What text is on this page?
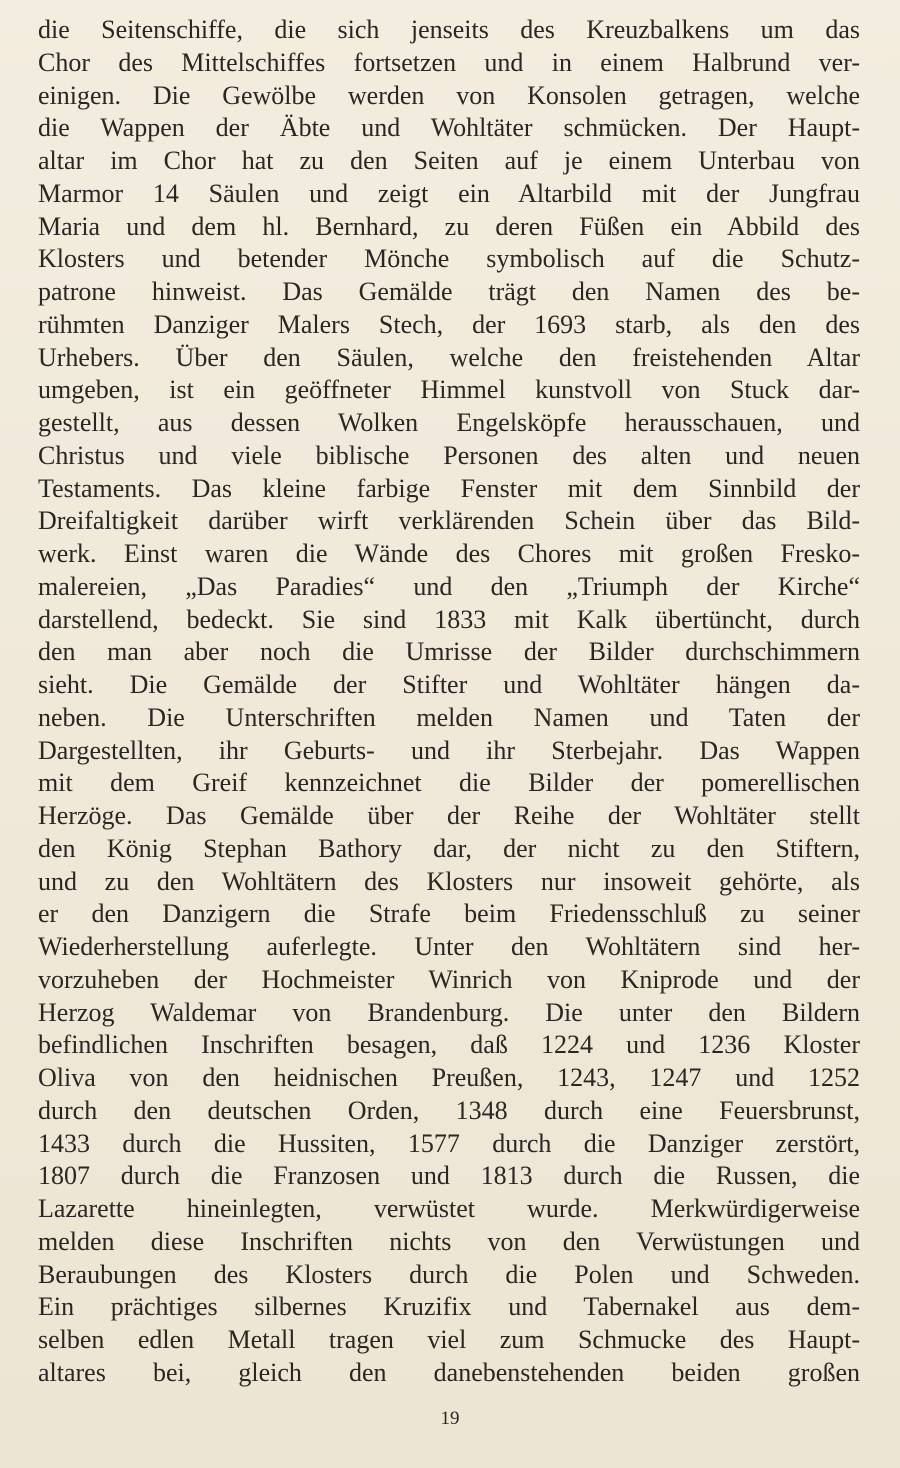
die Seitenschiffe, die sich jenseits des Kreuzbalkens um das
Chor des Mittelschiffes fortsetzen und in einem Halbrund ver-
einigen. Die Gewölbe werden von Konsolen getragen, welche
die Wappen der Äbte und Wohltäter schmücken. Der Haupt-
altar im Chor hat zu den Seiten auf je einem Unterbau von
Marmor 14 Säulen und zeigt ein Altarbild mit der Jungfrau
Maria und dem hl. Bernhard, zu deren Füßen ein Abbild des
Klosters und betender Mönche symbolisch auf die Schutz-
patrone hinweist. Das Gemälde trägt den Namen des be-
rühmten Danziger Malers Stech, der 1693 starb, als den des
Urhebers. Über den Säulen, welche den freistehenden Altar
umgeben, ist ein geöffneter Himmel kunstvoll von Stuck dar-
gestellt, aus dessen Wolken Engelsköpfe herausschauen, und
Christus und viele biblische Personen des alten und neuen
Testaments. Das kleine farbige Fenster mit dem Sinnbild der
Dreifaltigkeit darüber wirft verklärenden Schein über das Bild-
werk. Einst waren die Wände des Chores mit großen Fresko-
malereien, „Das Paradies“ und den „Triumph der Kirche“
darstellend, bedeckt. Sie sind 1833 mit Kalk übertüncht, durch
den man aber noch die Umrisse der Bilder durchschimmern
sieht. Die Gemälde der Stifter und Wohltäter hängen da-
neben. Die Unterschriften melden Namen und Taten der
Dargestellten, ihr Geburts- und ihr Sterbejahr. Das Wappen
mit dem Greif kennzeichnet die Bilder der pomerellischen
Herzöge. Das Gemälde über der Reihe der Wohltäter stellt
den König Stephan Bathory dar, der nicht zu den Stiftern,
und zu den Wohltätern des Klosters nur insoweit gehörte, als
er den Danzigern die Strafe beim Friedensschluß zu seiner
Wiederherstellung auferlegte. Unter den Wohltätern sind her-
vorzuheben der Hochmeister Winrich von Kniprode und der
Herzog Waldemar von Brandenburg. Die unter den Bildern
befindlichen Inschriften besagen, daß 1224 und 1236 Kloster
Oliva von den heidnischen Preußen, 1243, 1247 und 1252
durch den deutschen Orden, 1348 durch eine Feuersbrunst,
1433 durch die Hussiten, 1577 durch die Danziger zerstört,
1807 durch die Franzosen und 1813 durch die Russen, die
Lazarette hineinlegten, verwüstet wurde. Merkwürdigerweise
melden diese Inschriften nichts von den Verwüstungen und
Beraubungen des Klosters durch die Polen und Schweden.
Ein prächtiges silbernes Kruzifix und Tabernakel aus dem-
selben edlen Metall tragen viel zum Schmucke des Haupt-
altares bei, gleich den danebenstehenden beiden großen
19
